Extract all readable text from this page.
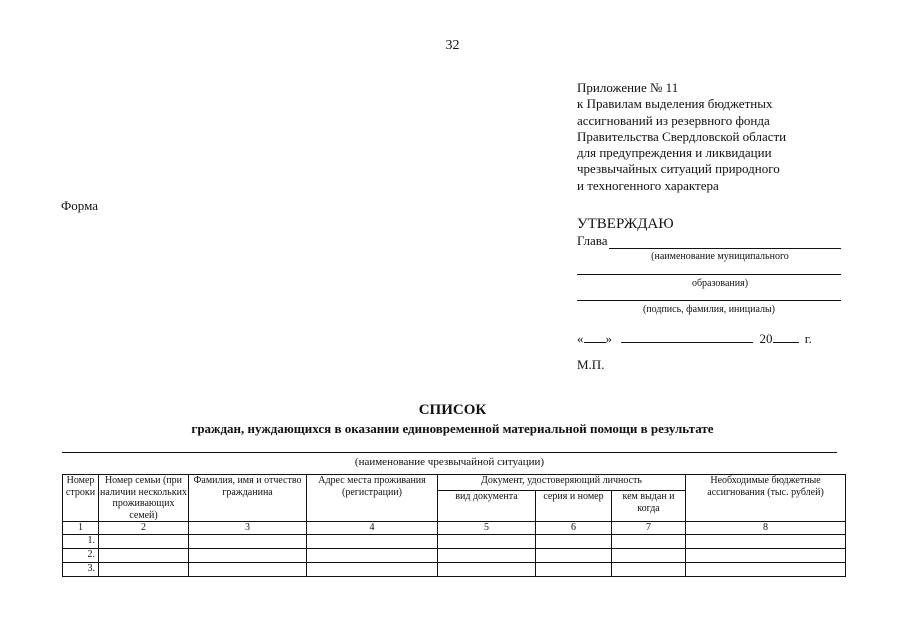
32
Приложение № 11
к Правилам выделения бюджетных
ассигнований из резервного фонда
Правительства Свердловской области
для предупреждения и ликвидации
чрезвычайных ситуаций природного
и техногенного характера
Форма
УТВЕРЖДАЮ
Глава
(наименование муниципального
образования)
(подпись, фамилия, инициалы)
« »	20 г.
М.П.
СПИСОК
граждан, нуждающихся в оказании единовременной материальной помощи в результате
(наименование чрезвычайной ситуации)
Номер строки	Номер семьи (при наличии нескольких проживающих семей)	Фамилия, имя и отчество гражданина	Адрес места проживания (регистрации)	Документ, удостоверяющий личность			Необходимые бюджетные ассигнования (тыс. рублей)
				вид документа	серия и номер	кем выдан и когда	
1	2	3	4	5	6	7	8
1.							
2.							
3.							
